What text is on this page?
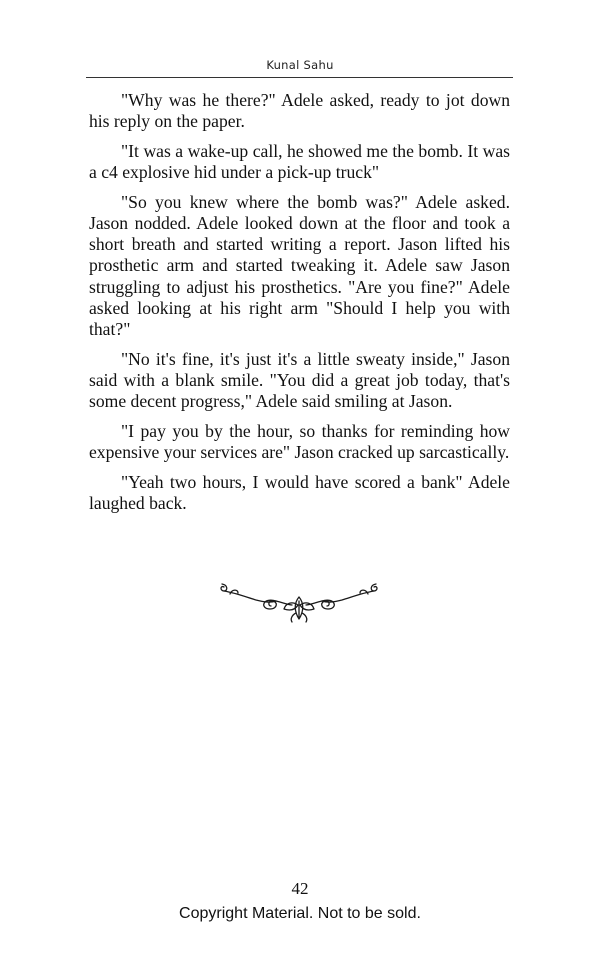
Kunal Sahu

"Why was he there?" Adele asked, ready to jot down his reply on the paper.

"It was a wake-up call, he showed me the bomb. It was a c4 explosive hid under a pick-up truck"

"So you knew where the bomb was?" Adele asked. Jason nodded. Adele looked down at the floor and took a short breath and started writing a report. Jason lifted his prosthetic arm and started tweaking it. Adele saw Jason struggling to adjust his prosthetics. "Are you fine?" Adele asked looking at his right arm "Should I help you with that?"

"No it's fine, it's just it's a little sweaty inside," Jason said with a blank smile. "You did a great job today, that's some decent progress," Adele said smiling at Jason.

"I pay you by the hour, so thanks for reminding how expensive your services are" Jason cracked up sarcastically.

"Yeah two hours, I would have scored a bank" Adele laughed back.

42
Copyright Material. Not to be sold.
